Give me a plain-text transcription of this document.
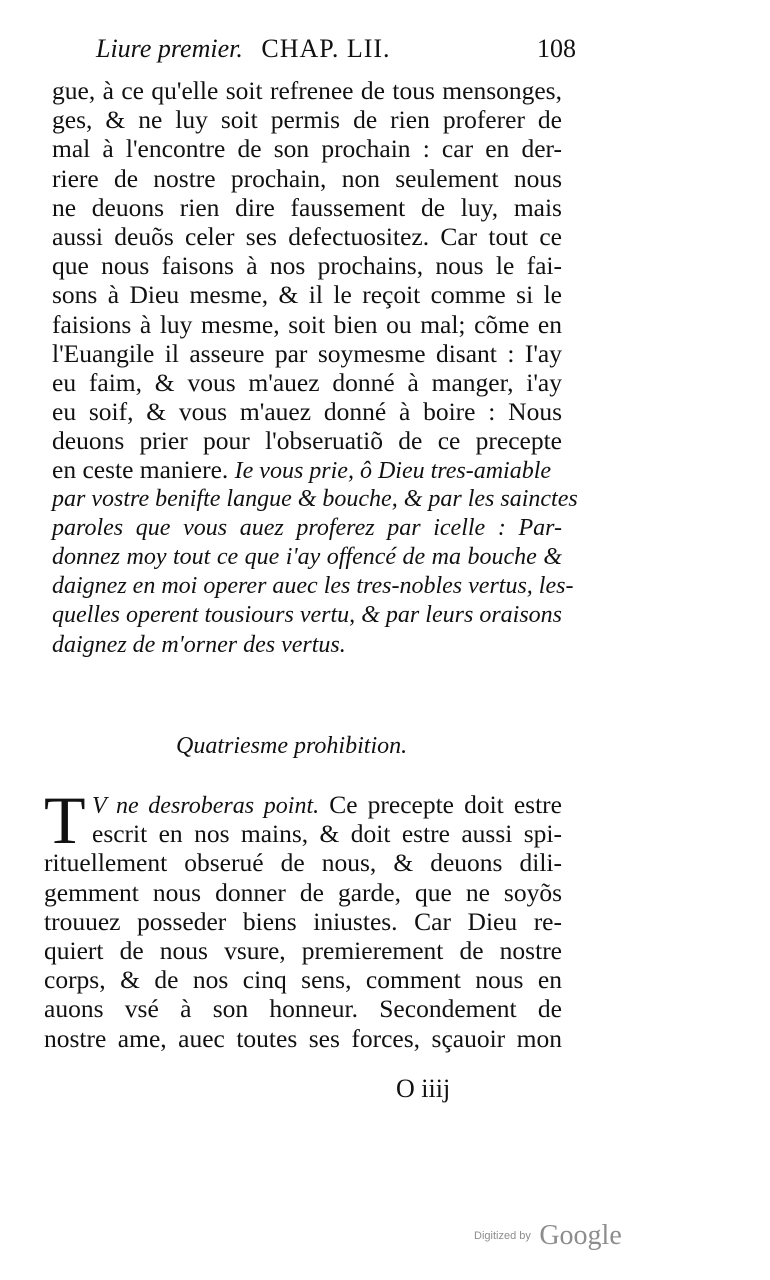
Liure premier. CHAP. LII.	108
gue, à ce qu'elle soit refrenee de tous mensonges,
ges, & ne luy soit permis de rien proferer de
mal à l'encontre de son prochain : car en der-
riere de nostre prochain, non seulement nous
ne deuons rien dire faussement de luy, mais
aussi deuõs celer ses defectuositez. Car tout ce
que nous faisons à nos prochains, nous le fai-
sons à Dieu mesme, & il le reçoit comme si le
faisions à luy mesme, soit bien ou mal; cõme en
l'Euangile il asseure par soymesme disant : I'ay
eu faim, & vous m'auez donné à manger, i'ay
eu soif, & vous m'auez donné à boire : Nous
deuons prier pour l'obseruatiõ de ce precepte
en ceste maniere. Ie vous prie, ô Dieu tres-amiable
par vostre benifte langue & bouche, & par les sainctes
paroles que vous auez proferez par icelle : Par-
donnez moy tout ce que i'ay offencé de ma bouche &
daignez en moi operer auec les tres-nobles vertus, les-
quelles operent tousiours vertu, & par leurs oraisons
daignez de m'orner des vertus.
Quatriesme prohibition.
T V ne desroberas point. Ce precepte doit estre
escrit en nos mains, & doit estre aussi spi-
rituellement obserué de nous, & deuons dili-
gemment nous donner de garde, que ne soyõs
trouuez posseder biens iniustes. Car Dieu re-
quiert de nous vsure, premierement de nostre
corps, & de nos cinq sens, comment nous en
auons vsé à son honneur. Secondement de
nostre ame, auec toutes ses forces, sçauoir mon
O iiij
Digitized by Google
